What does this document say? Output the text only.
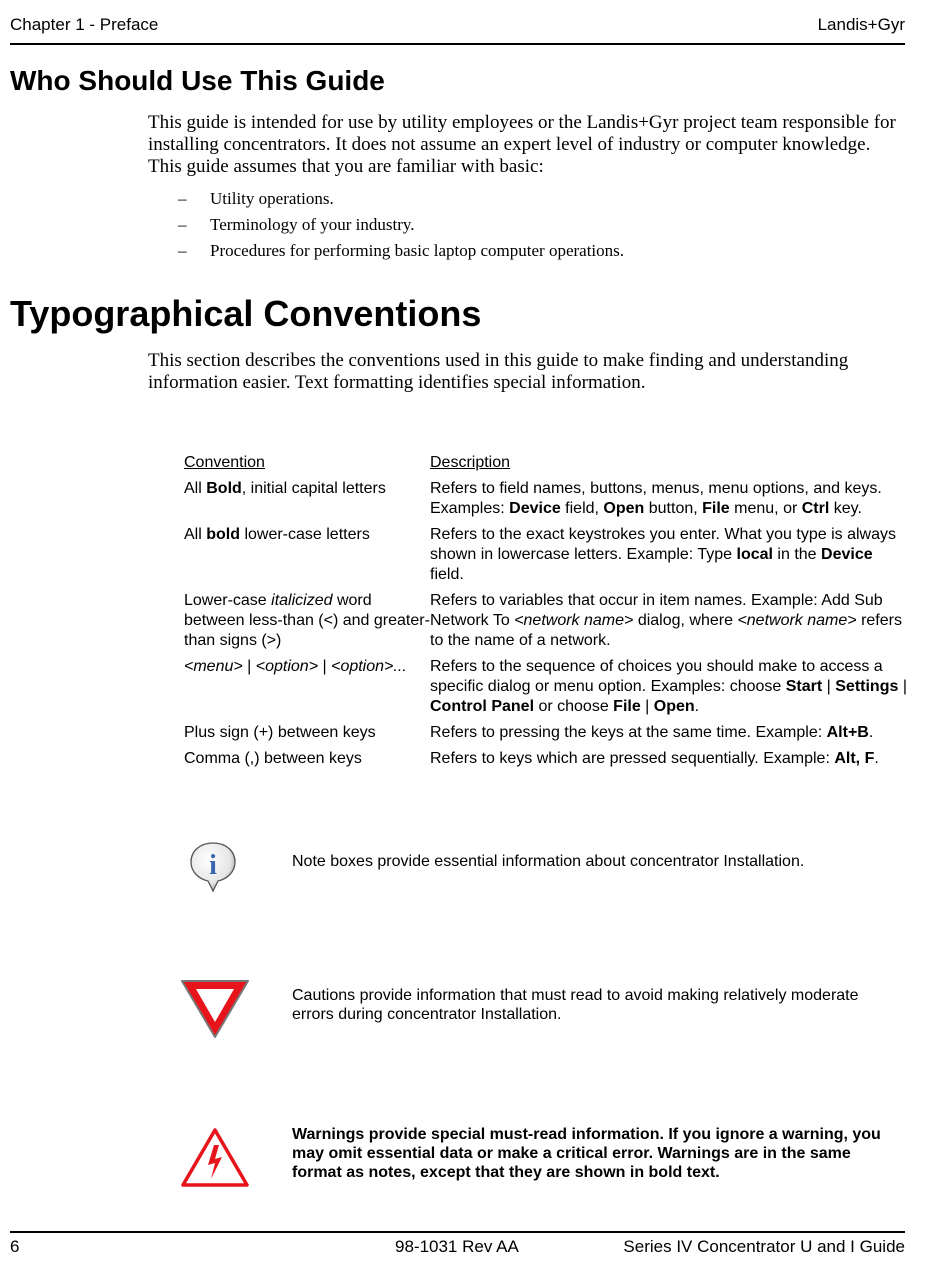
Chapter 1 - Preface	Landis+Gyr
Who Should Use This Guide
This guide is intended for use by utility employees or the Landis+Gyr project team responsible for installing concentrators. It does not assume an expert level of industry or computer knowledge. This guide assumes that you are familiar with basic:
– Utility operations.
– Terminology of your industry.
– Procedures for performing basic laptop computer operations.
Typographical Conventions
This section describes the conventions used in this guide to make finding and understanding information easier. Text formatting identifies special information.
Convention	Description
All Bold, initial capital letters	Refers to field names, buttons, menus, menu options, and keys. Examples: Device field, Open button, File menu, or Ctrl key.
All bold lower-case letters	Refers to the exact keystrokes you enter. What you type is always shown in lowercase letters. Example: Type local in the Device field.
Lower-case italicized word between less-than (<) and greater-than signs (>)	Refers to variables that occur in item names. Example: Add Sub Network To <network name> dialog, where <network name> refers to the name of a network.
<menu> | <option> | <option>...	Refers to the sequence of choices you should make to access a specific dialog or menu option. Examples: choose Start | Settings | Control Panel or choose File | Open.
Plus sign (+) between keys	Refers to pressing the keys at the same time. Example: Alt+B.
Comma (,) between keys	Refers to keys which are pressed sequentially. Example: Alt, F.
i	Note boxes provide essential information about concentrator Installation.
Cautions provide information that must read to avoid making relatively moderate errors during concentrator Installation.
Warnings provide special must-read information. If you ignore a warning, you may omit essential data or make a critical error. Warnings are in the same format as notes, except that they are shown in bold text.
6	98-1031 Rev AA	Series IV Concentrator U and I Guide
